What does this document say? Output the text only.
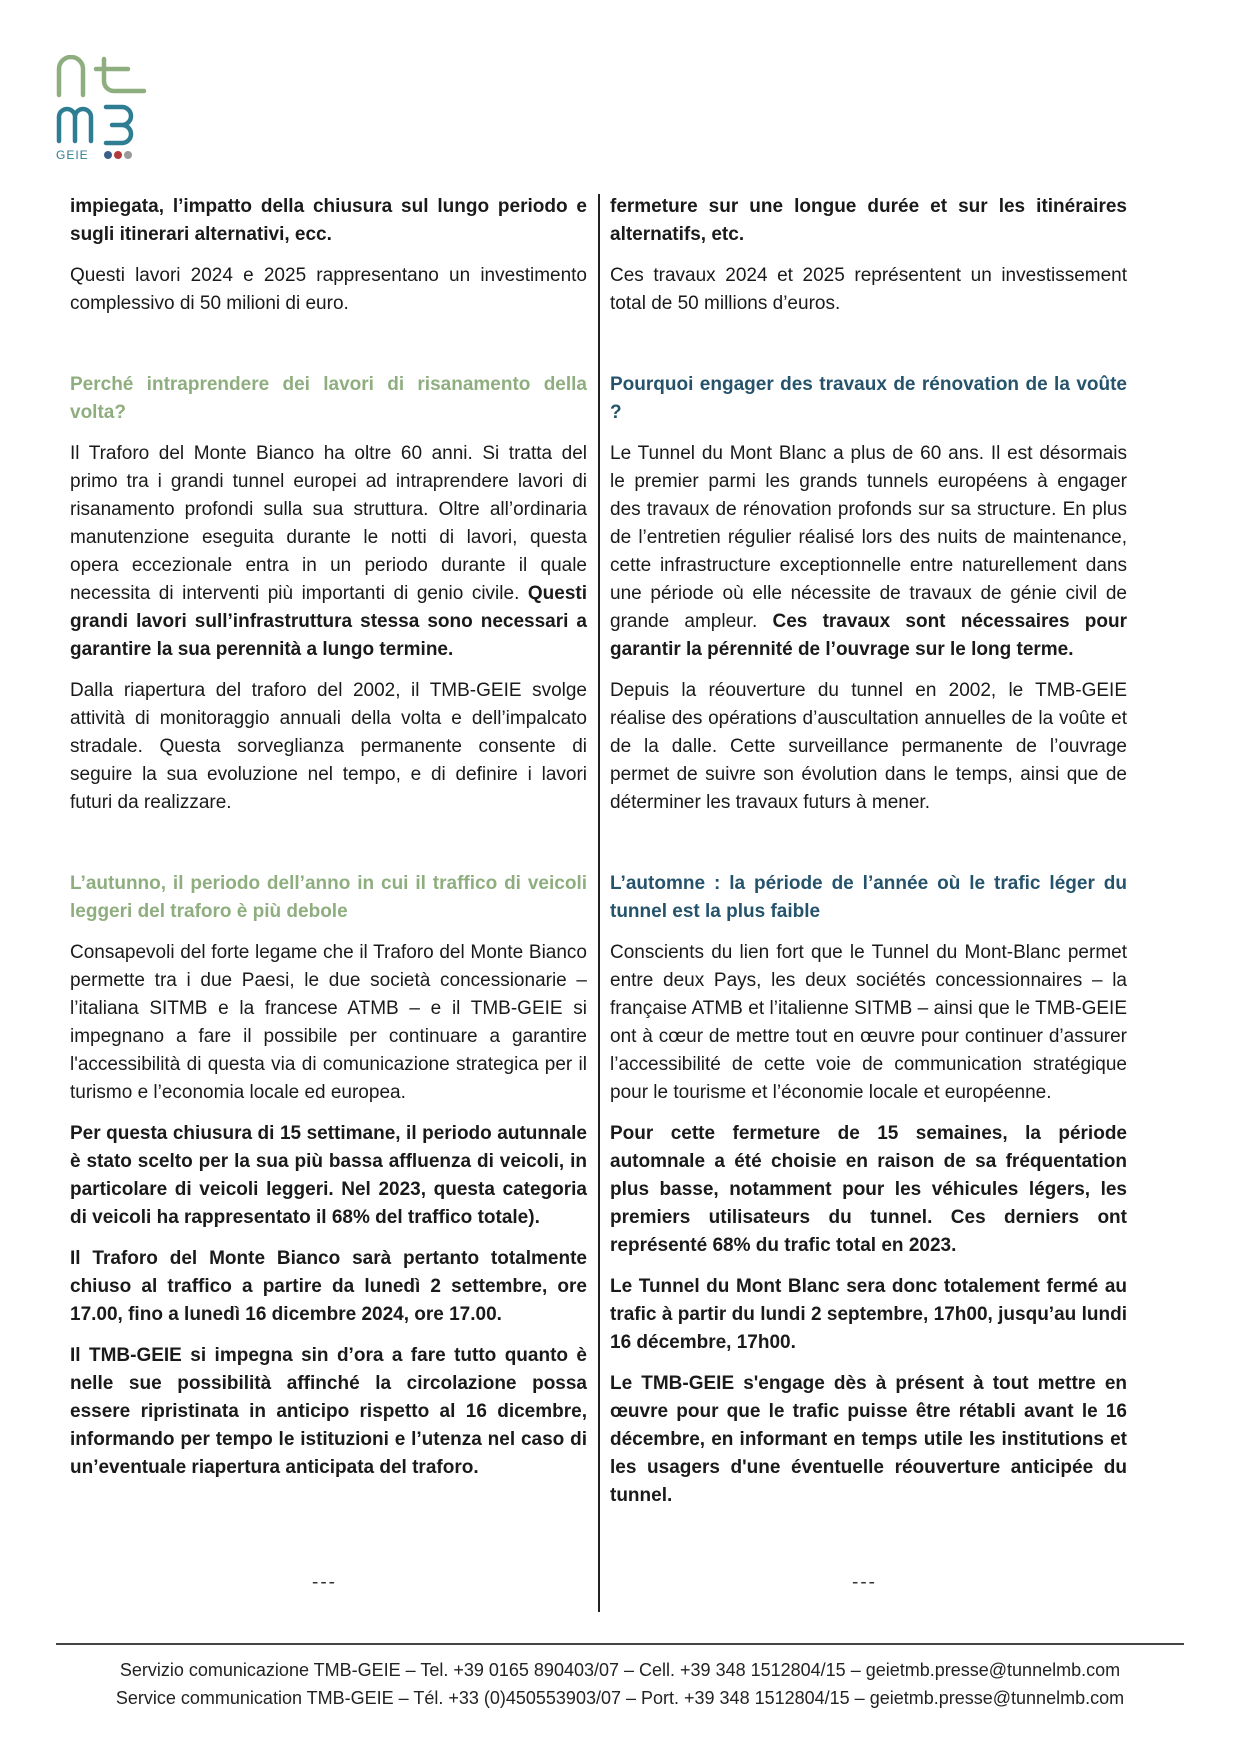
GEIE

impiegata, l’impatto della chiusura sul lungo periodo e sugli itinerari alternativi, ecc.

Questi lavori 2024 e 2025 rappresentano un investimento complessivo di 50 milioni di euro.

Perché intraprendere dei lavori di risanamento della volta?

Il Traforo del Monte Bianco ha oltre 60 anni. Si tratta del primo tra i grandi tunnel europei ad intraprendere lavori di risanamento profondi sulla sua struttura. Oltre all’ordinaria manutenzione eseguita durante le notti di lavori, questa opera eccezionale entra in un periodo durante il quale necessita di interventi più importanti di genio civile. Questi grandi lavori sull’infrastruttura stessa sono necessari a garantire la sua perennità a lungo termine.

Dalla riapertura del traforo del 2002, il TMB-GEIE svolge attività di monitoraggio annuali della volta e dell’impalcato stradale. Questa sorveglianza permanente consente di seguire la sua evoluzione nel tempo, e di definire i lavori futuri da realizzare.

L’autunno, il periodo dell’anno in cui il traffico di veicoli leggeri del traforo è più debole

Consapevoli del forte legame che il Traforo del Monte Bianco permette tra i due Paesi, le due società concessionarie – l’italiana SITMB e la francese ATMB – e il TMB-GEIE si impegnano a fare il possibile per continuare a garantire l'accessibilità di questa via di comunicazione strategica per il turismo e l’economia locale ed europea.

Per questa chiusura di 15 settimane, il periodo autunnale è stato scelto per la sua più bassa affluenza di veicoli, in particolare di veicoli leggeri. Nel 2023, questa categoria di veicoli ha rappresentato il 68% del traffico totale).

Il Traforo del Monte Bianco sarà pertanto totalmente chiuso al traffico a partire da lunedì 2 settembre, ore 17.00, fino a lunedì 16 dicembre 2024, ore 17.00.

Il TMB-GEIE si impegna sin d’ora a fare tutto quanto è nelle sue possibilità affinché la circolazione possa essere ripristinata in anticipo rispetto al 16 dicembre, informando per tempo le istituzioni e l’utenza nel caso di un’eventuale riapertura anticipata del traforo.

fermeture sur une longue durée et sur les itinéraires alternatifs, etc.

Ces travaux 2024 et 2025 représentent un investissement total de 50 millions d’euros.

Pourquoi engager des travaux de rénovation de la voûte ?

Le Tunnel du Mont Blanc a plus de 60 ans. Il est désormais le premier parmi les grands tunnels européens à engager des travaux de rénovation profonds sur sa structure. En plus de l’entretien régulier réalisé lors des nuits de maintenance, cette infrastructure exceptionnelle entre naturellement dans une période où elle nécessite de travaux de génie civil de grande ampleur. Ces travaux sont nécessaires pour garantir la pérennité de l’ouvrage sur le long terme.

Depuis la réouverture du tunnel en 2002, le TMB-GEIE réalise des opérations d’auscultation annuelles de la voûte et de la dalle. Cette surveillance permanente de l’ouvrage permet de suivre son évolution dans le temps, ainsi que de déterminer les travaux futurs à mener.

L’automne : la période de l’année où le trafic léger du tunnel est la plus faible

Conscients du lien fort que le Tunnel du Mont-Blanc permet entre deux Pays, les deux sociétés concessionnaires – la française ATMB et l’italienne SITMB – ainsi que le TMB-GEIE ont à cœur de mettre tout en œuvre pour continuer d’assurer l’accessibilité de cette voie de communication stratégique pour le tourisme et l’économie locale et européenne.

Pour cette fermeture de 15 semaines, la période automnale a été choisie en raison de sa fréquentation plus basse, notamment pour les véhicules légers, les premiers utilisateurs du tunnel. Ces derniers ont représenté 68% du trafic total en 2023.

Le Tunnel du Mont Blanc sera donc totalement fermé au trafic à partir du lundi 2 septembre, 17h00, jusqu’au lundi 16 décembre, 17h00.

Le TMB-GEIE s'engage dès à présent à tout mettre en œuvre pour que le trafic puisse être rétabli avant le 16 décembre, en informant en temps utile les institutions et les usagers d'une éventuelle réouverture anticipée du tunnel.

---	---
Servizio comunicazione TMB-GEIE – Tel. +39 0165 890403/07 – Cell. +39 348 1512804/15 – geietmb.presse@tunnelmb.com
Service communication TMB-GEIE – Tél. +33 (0)450553903/07 – Port. +39 348 1512804/15 – geietmb.presse@tunnelmb.com
